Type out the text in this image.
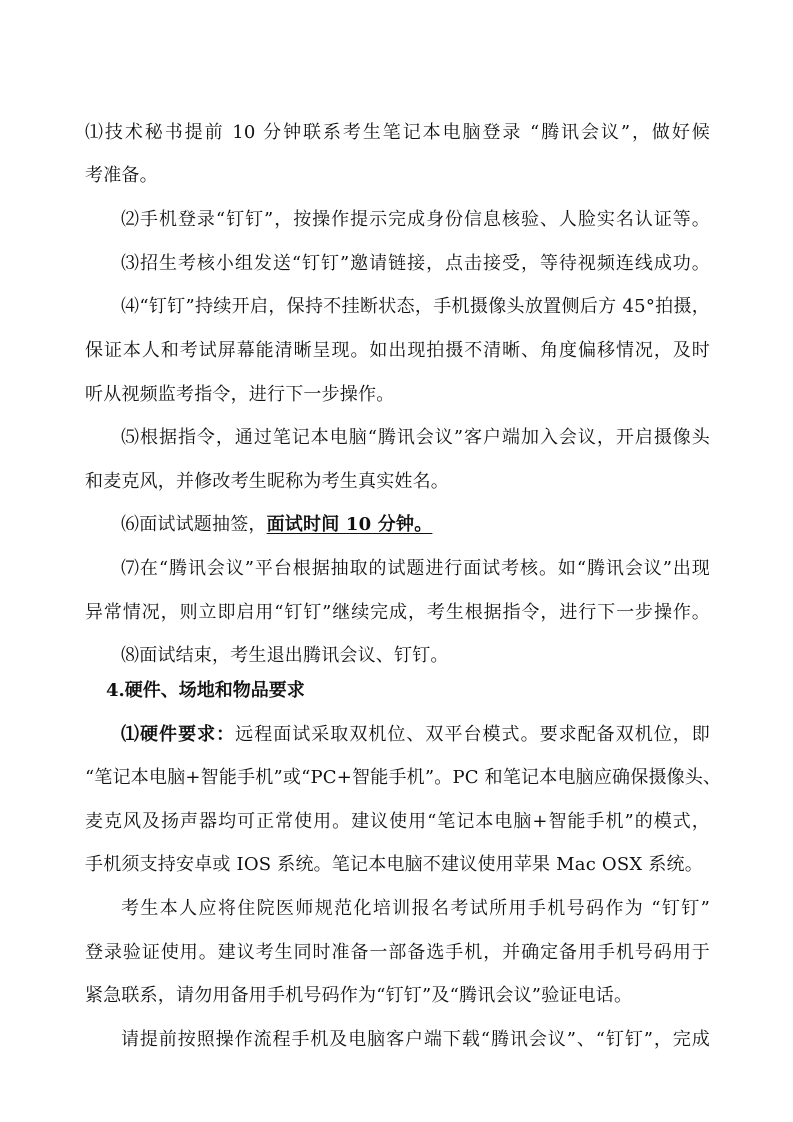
⑴技术秘书提前 10 分钟联系考生笔记本电脑登录 “腾讯会议”，做好候
考准备。
⑵手机登录“钉钉”，按操作提示完成身份信息核验、人脸实名认证等。
⑶招生考核小组发送“钉钉”邀请链接，点击接受，等待视频连线成功。
⑷“钉钉”持续开启，保持不挂断状态，手机摄像头放置侧后方 45°拍摄，
保证本人和考试屏幕能清晰呈现。如出现拍摄不清晰、角度偏移情况，及时
听从视频监考指令，进行下一步操作。
⑸根据指令，通过笔记本电脑“腾讯会议”客户端加入会议，开启摄像头
和麦克风，并修改考生昵称为考生真实姓名。
⑹面试试题抽签，面试时间 10 分钟。
⑺在“腾讯会议”平台根据抽取的试题进行面试考核。如“腾讯会议”出现
异常情况，则立即启用“钉钉”继续完成，考生根据指令，进行下一步操作。
⑻面试结束，考生退出腾讯会议、钉钉。
4.硬件、场地和物品要求
⑴硬件要求：远程面试采取双机位、双平台模式。要求配备双机位，即
“笔记本电脑+智能手机”或“PC+智能手机”。PC 和笔记本电脑应确保摄像头、
麦克风及扬声器均可正常使用。建议使用“笔记本电脑+智能手机”的模式，
手机须支持安卓或 IOS 系统。笔记本电脑不建议使用苹果 Mac OSX 系统。
考生本人应将住院医师规范化培训报名考试所用手机号码作为 “钉钉”
登录验证使用。建议考生同时准备一部备选手机，并确定备用手机号码用于
紧急联系，请勿用备用手机号码作为“钉钉”及“腾讯会议”验证电话。
请提前按照操作流程手机及电脑客户端下载“腾讯会议”、“钉钉”，完成
